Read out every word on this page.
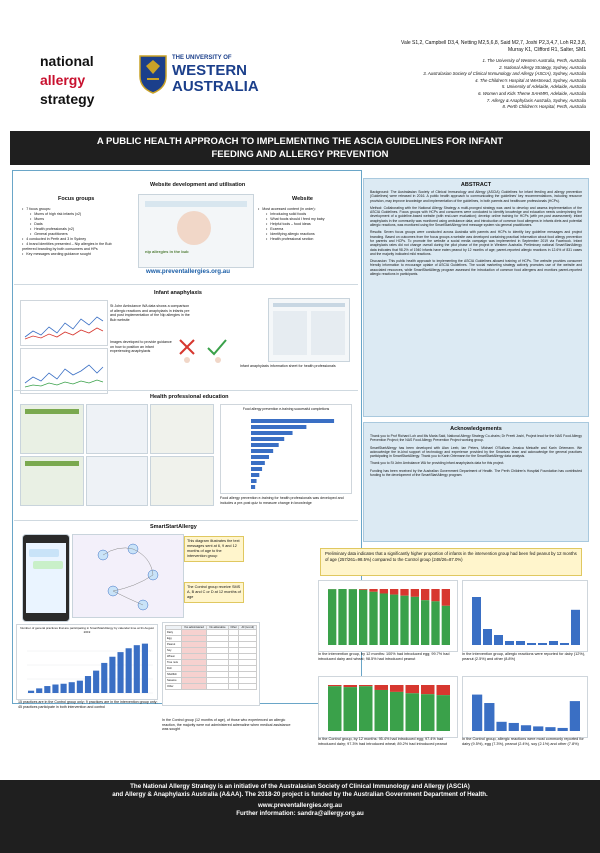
national
allergy
strategy
THE UNIVERSITY OF
WESTERN
AUSTRALIA
Vale S1,2, Campbell D3,4, Netting M2,5,6,8, Said M2,7, Joshi P2,3,4,7, Loh R2,3,8,
Murray K1, Clifford R1, Salter, SM1
1. The University of Western Australia, Perth, Australia
2. National Allergy Strategy, Sydney, Australia
3. Australasian Society of Clinical Immunology and Allergy (ASCIA), Sydney, Australia
4. The Children's Hospital at Westmead, Sydney, Australia
5. University of Adelaide, Adelaide, Australia
6. Women and Kids Theme SAHMRI, Adelaide, Australia
7. Allergy & Anaphylaxis Australia, Sydney, Australia
8. Perth Children's Hospital, Perth, Australia
A PUBLIC HEALTH APPROACH TO IMPLEMENTING THE ASCIA GUIDELINES FOR INFANT FEEDING AND ALLERGY PREVENTION
Website development and utilisation
Focus groups
• 7 focus groups:
• Mums of high risk infants (x2)
• Mums
• Dads
• Health professionals (x2)
• General practitioners
• 4 conducted in Perth and 3 in Sydney
• 4 brand identities presented – Nip allergies in the Bub preferred branding by both consumers and HPs
• Key messages wording guidance sought	nip allergies in the bub
www.preventallergies.org.au
Website
• Most accessed content (in order):
• Introducing solid foods
• What foods should I feed my baby
• Helpful tools – food ideas
• Eczema
• Identifying allergic reactions
• Health professional section
Infant anaphylaxis
St John Ambulance WA data shows a comparison of allergic reactions and anaphylaxis in infants pre and post implementation of the Nip allergies in the Bub website
Images developed to provide guidance on how to position an infant experiencing anaphylaxis
Infant anaphylaxis information sheet for health professionals
Health professional education
Food allergy prevention e-training successful completions
Food allergy prevention e-training for health professionals was developed and includes a pre-post quiz to measure change in knowledge
SmartStartAllergy
This diagram illustrates the text messages sent at 6, 9 and 12 months of age to the intervention group
The Control group receive SMS A, B and C or D at 12 months of age
Number of general practices that are participating in SmartStartAllergy by calendar time at 31 August 2019
15 practices are in the Control group only; 9 practices are in the intervention group only; 45 practices participate in both intervention and control
	Yes administered	No adrenaline	Other	All (no-ind)
Dairy				
Egg				
Peanut				
Soy				
Wheat				
Tree nuts				
Fish				
Shellfish				
Sesame				
Other				
In the Control group (12 months of age), of those who experienced an allergic reaction, the majority were not administered adrenaline when medical assistance was sought
Preliminary data indicates that a significantly higher proportion of infants in the intervention group had been fed peanut by 12 months of age (257/261=98.5%) compared to the Control group (248/26=87.0%)
In the intervention group, by 12 months: 100% had introduced egg; 99.7% had introduced dairy and wheat; 98.5% had introduced peanut
In the intervention group, allergic reactions were reported for dairy (12%), peanut (2.5%) and other (8.8%)
In the Control group, by 12 months: 95.4% had introduced egg; 97.4% had introduced dairy; 97.3% had introduced wheat; 89.2% had introduced peanut
In the Control group, allergic reactions were most commonly reported for dairy (9.5%), egg (7.3%), peanut (2.4%), soy (2.1%) and other (7.8%)
ABSTRACT

Background: The Australasian Society of Clinical Immunology and Allergy (ASCIA) Guidelines for infant feeding and allergy prevention (Guidelines) were released in 2016. A public health approach to communicating the guidelines' key recommendations, including resource provision, may improve knowledge and implementation of the guidelines, in both parents and healthcare professionals (HCPs).

Method: Collaborating with the National Allergy Strategy a multi-pronged strategy was used to develop and assess implementation of the ASCIA Guidelines. Focus groups with HCPs and consumers were conducted to identify knowledge and education needs underpinning the development of a guideline-based website (with end-user evaluation); develop online training for HCPs (with pre-post assessment); infant anaphylaxis in the community was monitored using ambulance data; and introduction of common food allergens in infants diets and potential allergic reactions, was monitored using the SmartStartAllergy text message system via general practitioners.

Results: Seven focus groups were conducted across Australia with parents and HCPs to identify key guideline messages and project branding. Based on outcomes from the focus groups a website was developed containing practical information about food allergy prevention for parents and HCPs. To promote the website a social media campaign was implemented in September 2019 via Facebook. Infant anaphylaxis rates did not change overall during the pilot phase of the project in Western Australia. Preliminary national SmartStartAllergy data indicates that 98.2% of 1940 infants have eaten peanut by 12 months of age; parent-reported allergic reactions in 12.6% of 831 cases and the majority indicated mild reactions.

Discussion: This public health approach to implementing the ASCIA Guidelines allowed training of HCPs. The website provides consumer friendly information to encourage uptake of ASCIA Guidelines. The social marketing strategy actively promotes use of the website and associated resources, while SmartStartAllergy program assessed the introduction of common food allergens and monitors parent-reported allergic reactions in participants.

Acknowledgements

Thank you to Prof Richard Loh and Ms Maria Said, National Allergy Strategy Co-chairs; Dr Preeti Joshi, Project lead for the NAS Food Allergy Prevention Project; the NAS Food Allergy Prevention Project working group.

SmartStartAllergy has been developed with Alan Leeb, Ian Peters, Michael O'Sullivan Jessica Metcalfe and Karin Ortemann. We acknowledge the in-kind support of technology and experience provided by the Smartvax team and acknowledge the general practices participating in SmartStartAllergy. Thank you to Karin Ortemann for the SmartStartAllergy data analysis.

Thank you to St John Ambulance WA for providing infant anaphylaxis data for this project.

Funding has been received by the Australian Government Department of Health. The Perth Children's Hospital Foundation has contributed funding to the development of the SmartStartAllergy program.

The National Allergy Strategy is an initiative of the Australasian Society of Clinical Immunology and Allergy (ASCIA)
and Allergy & Anaphylaxis Australia (A&AA). The 2018-20 project is funded by the Australian Government Department of Health.
www.preventallergies.org.au
Further information: sandra@allergy.org.au
